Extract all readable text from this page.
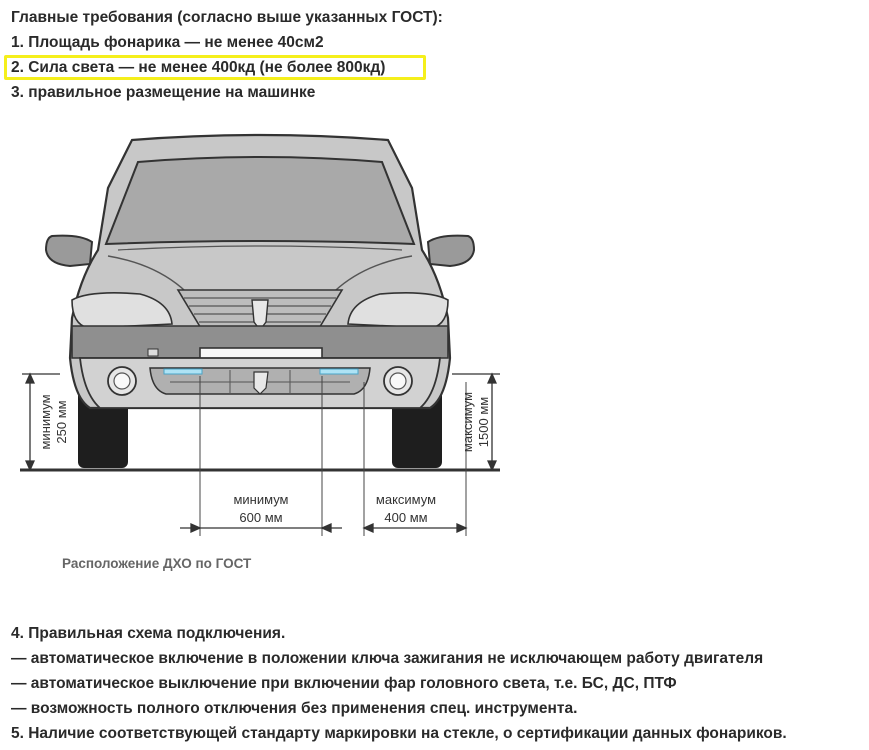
Главные требования (согласно выше указанных ГОСТ):
1. Площадь фонарика — не менее 40см2
2. Сила света — не менее 400кд (не более 800кд)
3. правильное размещение на машинке
минимум 250 мм	максимум 1500 мм
минимум
600 мм
максимум
400 мм
Расположение ДХО по ГОСТ
4. Правильная схема подключения.
— автоматическое включение в положении ключа зажигания не исключающем работу двигателя
— автоматическое выключение при включении фар головного света, т.е. БС, ДС, ПТФ
— возможность полного отключения без применения спец. инструмента.
5. Наличие соответствующей стандарту маркировки на стекле, о сертификации данных фонариков.
